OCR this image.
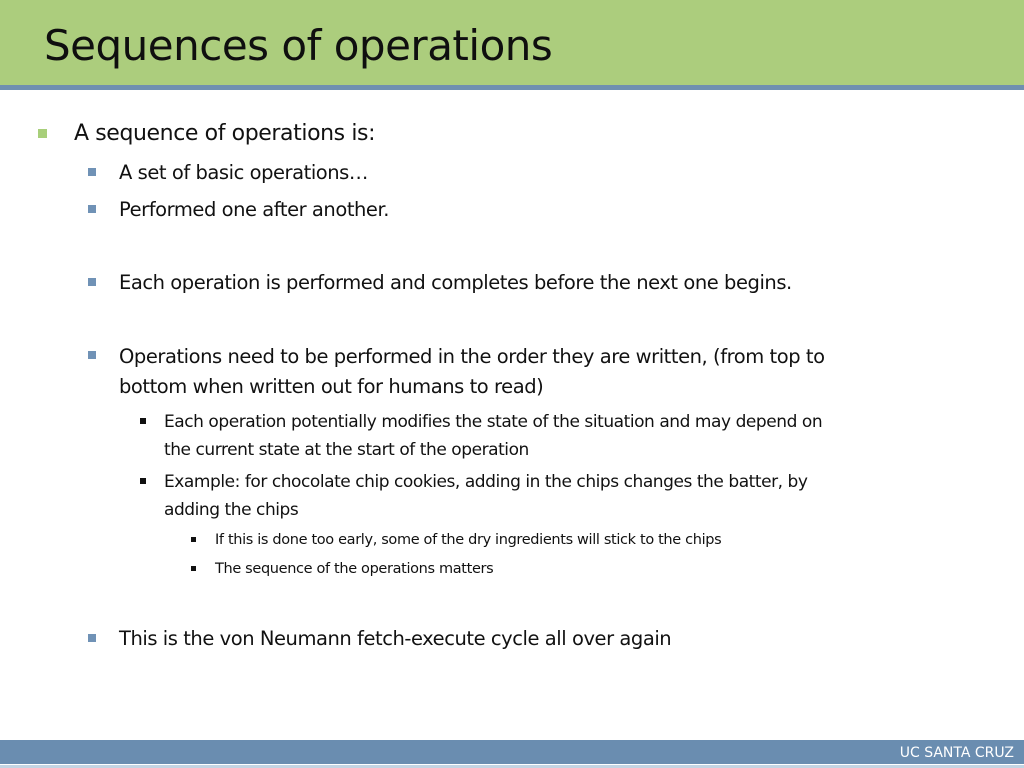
Sequences of operations
A sequence of operations is:
A set of basic operations…
Performed one after another.
Each operation is performed and completes before the next one begins.
Operations need to be performed in the order they are written, (from top to
bottom when written out for humans to read)
Each operation potentially modifies the state of the situation and may depend on
the current state at the start of the operation
Example: for chocolate chip cookies, adding in the chips changes the batter, by
adding the chips
If this is done too early, some of the dry ingredients will stick to the chips
The sequence of the operations matters
This is the von Neumann fetch-execute cycle all over again
UC SANTA CRUZ
